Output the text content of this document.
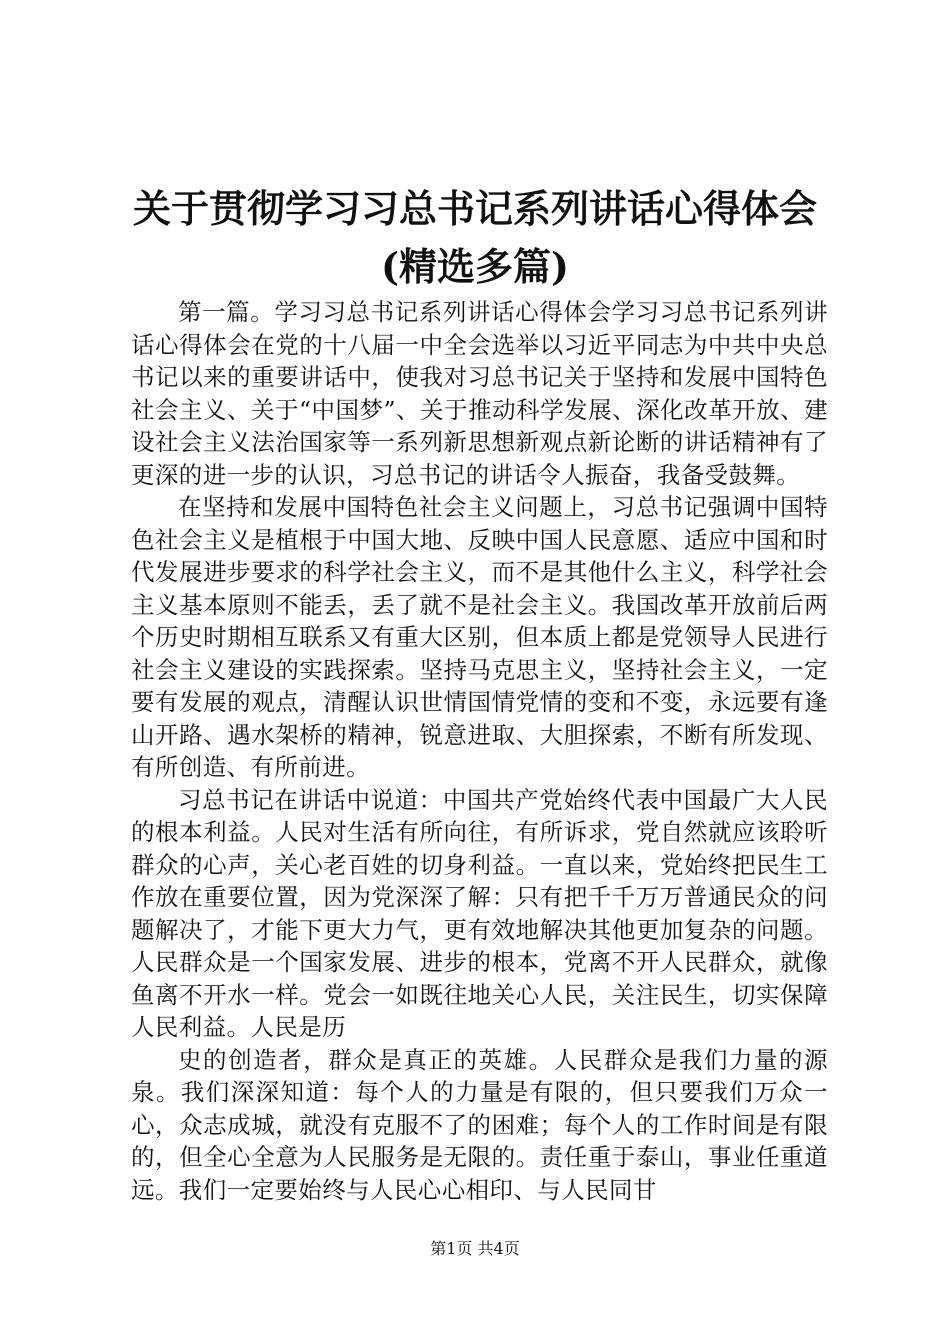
关于贯彻学习习总书记系列讲话心得体会(精选多篇)

第一篇。学习习总书记系列讲话心得体会学习习总书记系列讲话心得体会在党的十八届一中全会选举以习近平同志为中共中央总书记以来的重要讲话中，使我对习总书记关于坚持和发展中国特色社会主义、关于“中国梦”、关于推动科学发展、深化改革开放、建设社会主义法治国家等一系列新思想新观点新论断的讲话精神有了更深的进一步的认识，习总书记的讲话令人振奋，我备受鼓舞。

在坚持和发展中国特色社会主义问题上，习总书记强调中国特色社会主义是植根于中国大地、反映中国人民意愿、适应中国和时代发展进步要求的科学社会主义，而不是其他什么主义，科学社会主义基本原则不能丢，丢了就不是社会主义。我国改革开放前后两个历史时期相互联系又有重大区别，但本质上都是党领导人民进行社会主义建设的实践探索。坚持马克思主义，坚持社会主义，一定要有发展的观点，清醒认识世情国情党情的变和不变，永远要有逢山开路、遇水架桥的精神，锐意进取、大胆探索，不断有所发现、有所创造、有所前进。

习总书记在讲话中说道：中国共产党始终代表中国最广大人民的根本利益。人民对生活有所向往，有所诉求，党自然就应该聆听群众的心声，关心老百姓的切身利益。一直以来，党始终把民生工作放在重要位置，因为党深深了解：只有把千千万万普通民众的问题解决了，才能下更大力气，更有效地解决其他更加复杂的问题。人民群众是一个国家发展、进步的根本，党离不开人民群众，就像鱼离不开水一样。党会一如既往地关心人民，关注民生，切实保障人民利益。人民是历

史的创造者，群众是真正的英雄。人民群众是我们力量的源泉。我们深深知道：每个人的力量是有限的，但只要我们万众一心，众志成城，就没有克服不了的困难；每个人的工作时间是有限的，但全心全意为人民服务是无限的。责任重于泰山，事业任重道远。我们一定要始终与人民心心相印、与人民同甘

第1页 共4页
